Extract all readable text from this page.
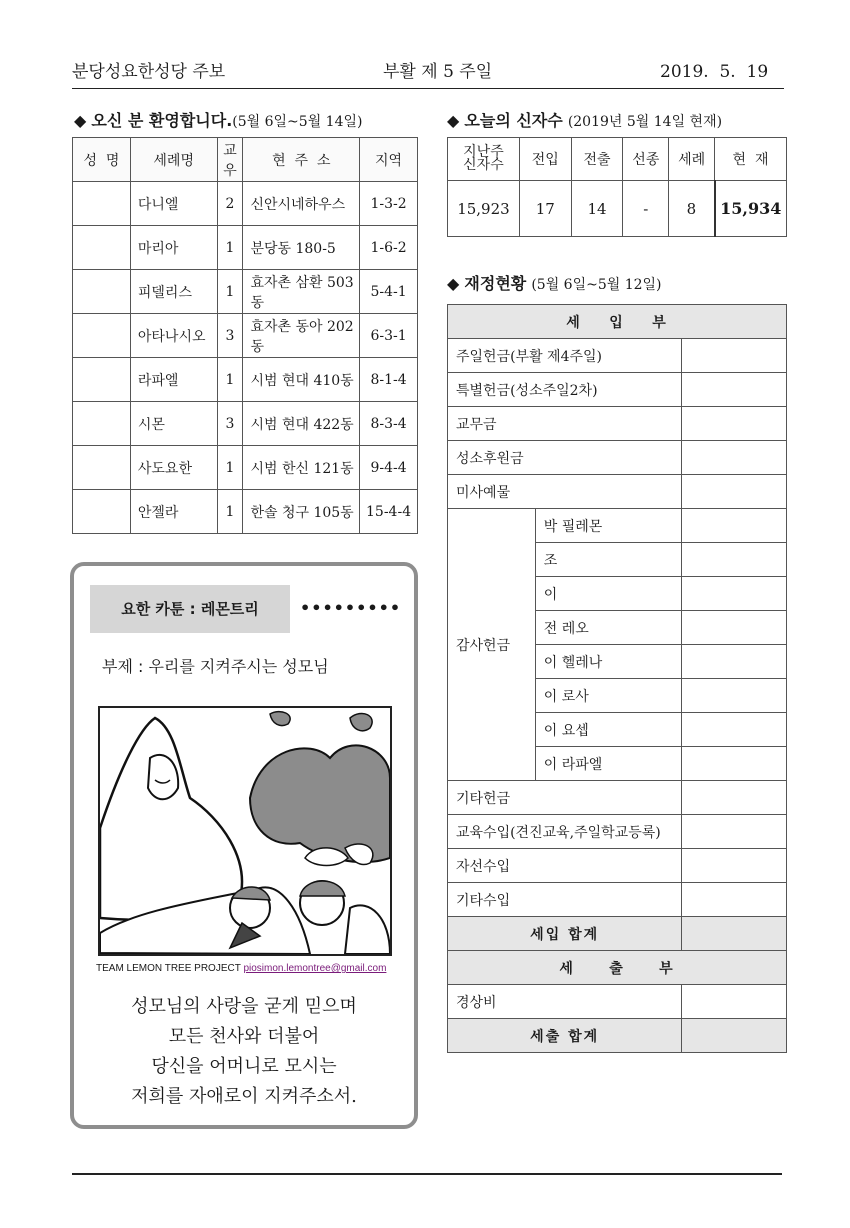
분당성요한성당 주보	부활 제 5 주일	2019.  5.  19
◆ 오신 분 환영합니다.(5월 6일~5월 14일)
성  명	세례명	교우	현  주  소	지역
	다니엘	2	신안시네하우스	1-3-2
	마리아	1	분당동 180-5	1-6-2
	피델리스	1	효자촌 삼환 503동	5-4-1
	아타나시오	3	효자촌 동아 202동	6-3-1
	라파엘	1	시범 현대 410동	8-1-4
	시몬	3	시범 현대 422동	8-3-4
	사도요한	1	시범 한신 121동	9-4-4
	안젤라	1	한솔 청구 105동	15-4-4
◆ 오늘의 신자수 (2019년 5월 14일 현재)
지난주
신자수	전입	전출	선종	세례	현  재
15,923	17	14	-	8	15,934
◆ 재정현황 (5월 6일~5월 12일)
세    입    부		
주일헌금(부활 제4주일)		
특별헌금(성소주일2차)		
교무금		
성소후원금		
미사예물		
감사헌금	박 필레몬	
	조	
	이	
	전 레오	
	이 헬레나	
	이 로사	
	이 요셉	
	이 라파엘	
기타헌금		
교육수입(견진교육,주일학교등록)		
자선수입		
기타수입		
세입 합계		
세     출     부		
경상비		
세출 합계		
요한 카툰 : 레몬트리	•••••••••
부제 : 우리를 지켜주시는 성모님
TEAM LEMON TREE PROJECT piosimon.lemontree@gmail.com
성모님의 사랑을 굳게 믿으며
모든 천사와 더불어
당신을 어머니로 모시는
저희를 자애로이 지켜주소서.
